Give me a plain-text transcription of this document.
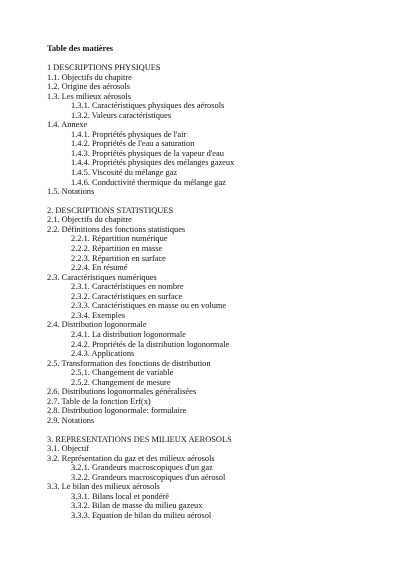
Table des matières
1 DESCRIPTIONS PHYSIQUES
1.1. Objectifs du chapitre
1.2. Origine des aérosols
1.3. Les milieux aérosols
1.3.1. Caractéristiques physiques des aérosols
1.3.2. Valeurs caractéristiques
1.4. Annexe
1.4.1. Propriétés physiques de l'air
1.4.2. Propriétés de l'eau a saturation
1.4.3. Propriétés physiques de la vapeur d'eau
1.4.4. Propriétés physiques des mélanges gazeux
1.4.5. Viscosité du mélange gaz
1.4.6. Conductivité thermique du mélange gaz
1.5. Notations
2. DESCRIPTIONS STATISTIQUES
2.1. Objectifs du chapitre
2.2. Définitions des fonctions statistiques
2.2.1. Répartition numérique
2.2.2. Répartition en masse
2.2.3. Répartition en surface
2.2.4. En résumé
2.3. Caractéristiques numériques
2.3.1. Caractéristiques en nombre
2.3.2. Caractéristiques en surface
2.3.3. Caractéristiques en masse ou en volume
2.3.4. Exemples
2.4. Distribution logonormale
2.4.1. La distribution logonormale
2.4.2. Propriétés de la distribution logonormale
2.4.3. Applications
2.5. Transformation des fonctions de distribution
2.5.1. Changement de variable
2.5.2. Changement de mesure
2.6. Distributions logonormales généralisées
2.7. Table de la fonction Erf(x)
2.8. Distribution logonormale: formulaire
2.9. Notations
3. REPRESENTATIONS DES MILIEUX AEROSOLS
3.1. Objectif
3.2. Représentation du gaz et des milieux aérosols
3.2.1. Grandeurs macroscopiques d'un gaz
3.2.2. Grandeurs macroscopiques d'un aérosol
3.3. Le bilan des milieux aérosols
3.3.1. Bilans local et pondéré
3.3.2. Bilan de masse du milieu gazeux
3.3.3. Equation de bilan du milieu aérosol
